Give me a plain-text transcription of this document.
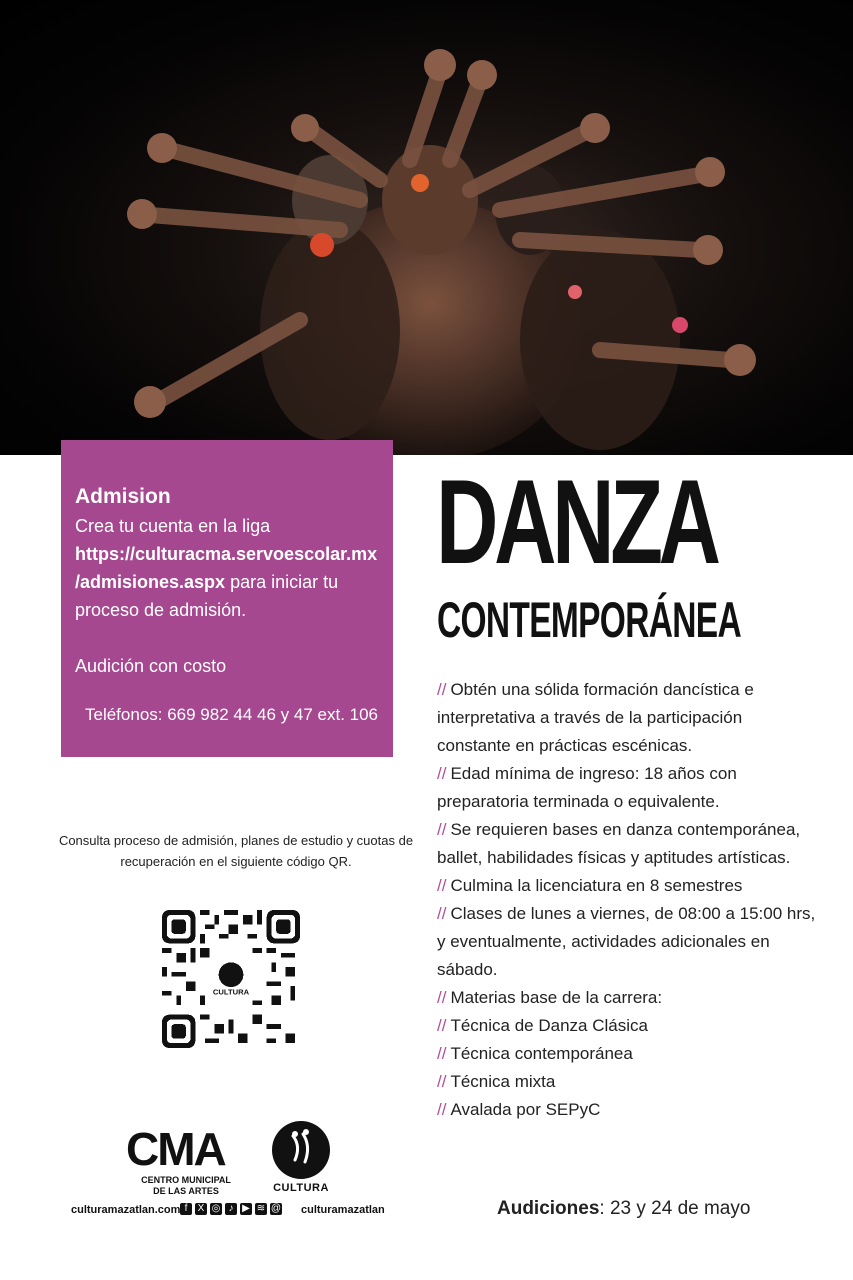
Admision

Crea tu cuenta en la liga

https://culturacma.servoescolar.mx

/admisiones.aspx para iniciar tu

proceso de admisión.

Audición con costo

Teléfonos: 669 982 44 46 y 47 ext. 106

DANZA
CONTEMPORÁNEA

// Obtén una sólida formación dancística e

interpretativa a través de la participación

constante en prácticas escénicas.

// Edad mínima de ingreso: 18 años con

preparatoria terminada o equivalente.

// Se requieren bases en danza contemporánea,

ballet, habilidades físicas y aptitudes artísticas.

// Culmina la licenciatura en 8 semestres

// Clases de lunes a viernes, de 08:00 a 15:00 hrs,

y eventualmente, actividades adicionales en

sábado.

// Materias base de la carrera:

// Técnica de Danza Clásica

// Técnica contemporánea

// Técnica mixta

// Avalada por SEPyC

Consulta proceso de admisión, planes de estudio y cuotas de
recuperación en el siguiente código QR.
CULTURA
CMA
CENTRO MUNICIPAL
DE LAS ARTES	CULTURA
culturamazatlan.com f	X ◎ ♪ ▶ ≋ @ culturamazatlan	Audiciones: 23 y 24 de mayo
